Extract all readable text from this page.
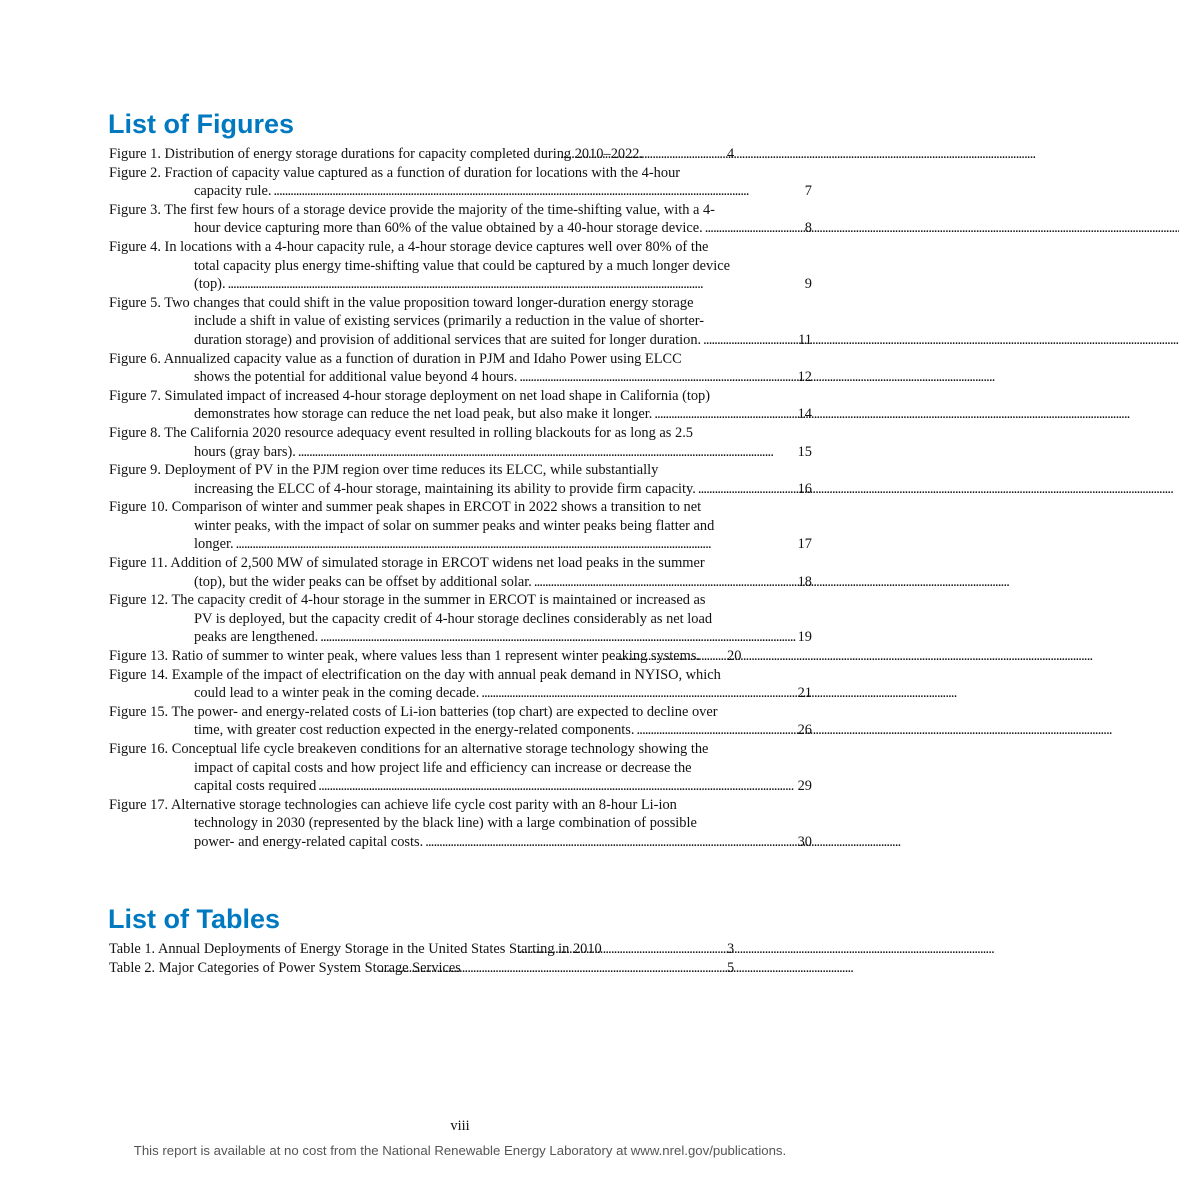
List of Figures
Figure 1. Distribution of energy storage durations for capacity completed during 2010–2022. . . .	4
Figure 2. Fraction of capacity value captured as a function of duration for locations with the 4-hour
capacity rule. . . .	7
Figure 3. The first few hours of a storage device provide the majority of the time-shifting value, with a 4-
hour device capturing more than 60% of the value obtained by a 40-hour storage device. . . .	8
Figure 4. In locations with a 4-hour capacity rule, a 4-hour storage device captures well over 80% of the
total capacity plus energy time-shifting value that could be captured by a much longer device
(top). . . .	9
Figure 5. Two changes that could shift in the value proposition toward longer-duration energy storage
include a shift in value of existing services (primarily a reduction in the value of shorter-
duration storage) and provision of additional services that are suited for longer duration. . . .	11
Figure 6. Annualized capacity value as a function of duration in PJM and Idaho Power using ELCC
shows the potential for additional value beyond 4 hours. . . .	12
Figure 7. Simulated impact of increased 4-hour storage deployment on net load shape in California (top)
demonstrates how storage can reduce the net load peak, but also make it longer. . . .	14
Figure 8. The California 2020 resource adequacy event resulted in rolling blackouts for as long as 2.5
hours (gray bars). . . .	15
Figure 9. Deployment of PV in the PJM region over time reduces its ELCC, while substantially
increasing the ELCC of 4-hour storage, maintaining its ability to provide firm capacity. . . .	16
Figure 10. Comparison of winter and summer peak shapes in ERCOT in 2022 shows a transition to net
winter peaks, with the impact of solar on summer peaks and winter peaks being flatter and
longer. . . .	17
Figure 11. Addition of 2,500 MW of simulated storage in ERCOT widens net load peaks in the summer
(top), but the wider peaks can be offset by additional solar. . . .	18
Figure 12. The capacity credit of 4-hour storage in the summer in ERCOT is maintained or increased as
PV is deployed, but the capacity credit of 4-hour storage declines considerably as net load
peaks are lengthened. . . .	19
Figure 13. Ratio of summer to winter peak, where values less than 1 represent winter peaking systems. . . . 20
Figure 14. Example of the impact of electrification on the day with annual peak demand in NYISO, which
could lead to a winter peak in the coming decade. . . .	21
Figure 15. The power- and energy-related costs of Li-ion batteries (top chart) are expected to decline over
time, with greater cost reduction expected in the energy-related components. . . .	26
Figure 16. Conceptual life cycle breakeven conditions for an alternative storage technology showing the
impact of capital costs and how project life and efficiency can increase or decrease the
capital costs required . . .	29
Figure 17. Alternative storage technologies can achieve life cycle cost parity with an 8-hour Li-ion
technology in 2030 (represented by the black line) with a large combination of possible
power- and energy-related capital costs. . . .	30
List of Tables
Table 1. Annual Deployments of Energy Storage in the United States Starting in 2010 . . .	3
Table 2. Major Categories of Power System Storage Services . . .	5
viii
This report is available at no cost from the National Renewable Energy Laboratory at www.nrel.gov/publications.
